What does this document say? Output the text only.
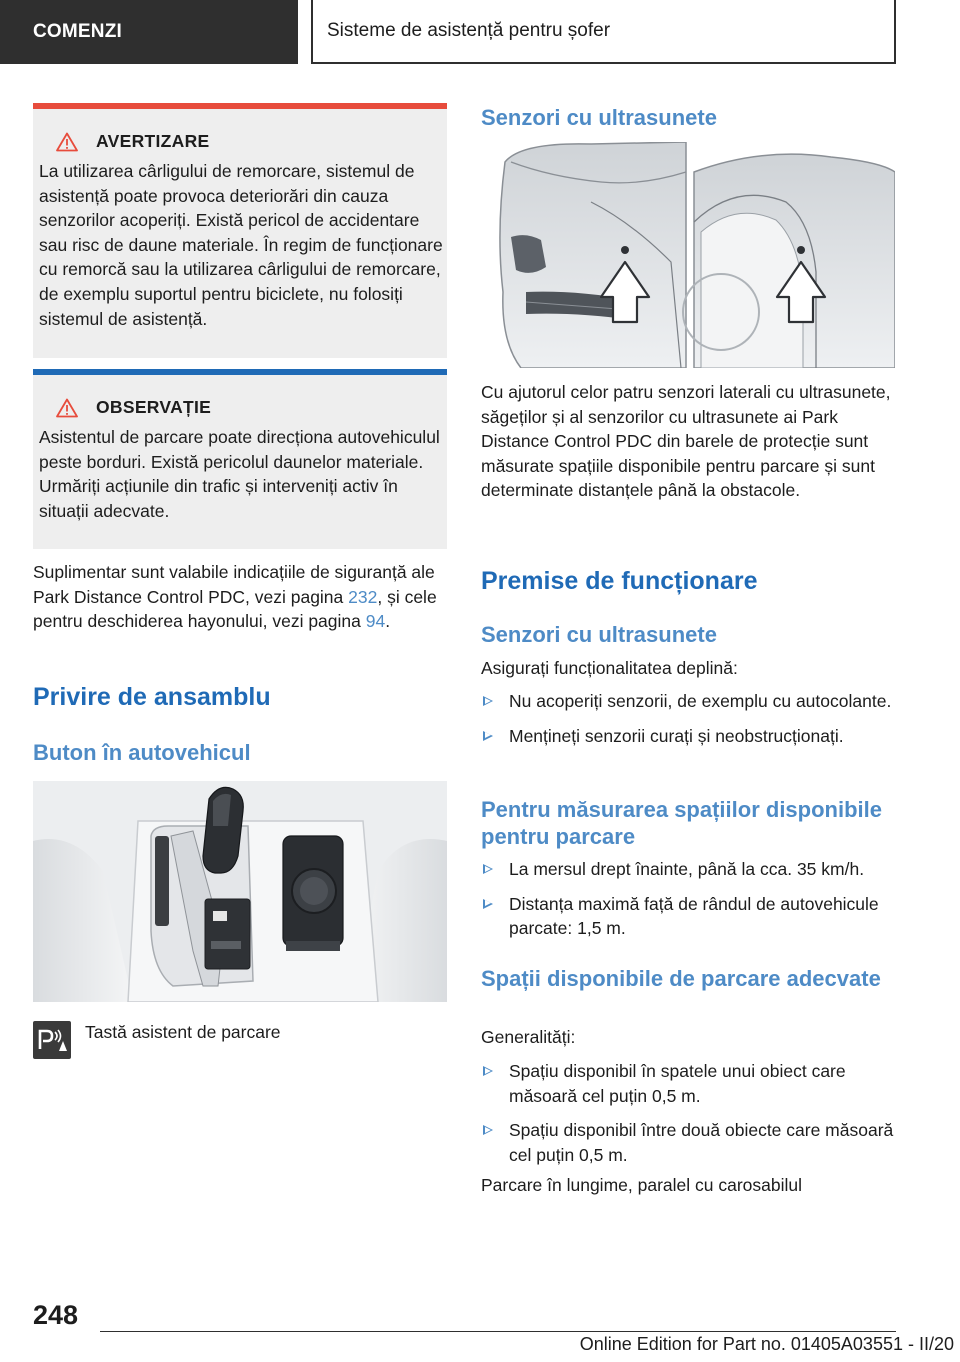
COMENZI	Sisteme de asistență pentru șofer
AVERTIZARE

La utilizarea cârligului de remorcare, sistemul de asistență poate provoca deteriorări din cauza senzorilor acoperiți. Există pericol de accidentare sau risc de daune materiale. În regim de funcționare cu remorcă sau la utilizarea cârligului de remorcare, de exemplu suportul pentru biciclete, nu folosiți sistemul de asistență.

OBSERVAȚIE

Asistentul de parcare poate direcționa autovehiculul peste borduri. Există pericolul daunelor materiale. Urmăriți acțiunile din trafic și interveniți activ în situații adecvate.

Suplimentar sunt valabile indicațiile de siguranță ale Park Distance Control PDC, vezi pagina 232, și cele pentru deschiderea hayonului, vezi pagina 94.

Privire de ansamblu
Buton în autovehicul

Tastă asistent de parcare

Senzori cu ultrasunete

Cu ajutorul celor patru senzori laterali cu ultrasunete, săgeților și al senzorilor cu ultrasunete ai Park Distance Control PDC din barele de protecție sunt măsurate spațiile disponibile pentru parcare și sunt determinate distanțele până la obstacole.

Premise de funcționare
Senzori cu ultrasunete

Asigurați funcționalitatea deplină:

Nu acoperiți senzorii, de exemplu cu autocolante.
Mențineți senzorii curați și neobstrucționați.
Pentru măsurarea spațiilor disponibile pentru parcare
La mersul drept înainte, până la cca. 35 km/h.
Distanța maximă față de rândul de autovehicule parcate: 1,5 m.
Spații disponibile de parcare adecvate

Generalități:

Spațiu disponibil în spatele unui obiect care măsoară cel puțin 0,5 m.
Spațiu disponibil între două obiecte care măsoară cel puțin 0,5 m.

Parcare în lungime, paralel cu carosabilul

248
Online Edition for Part no. 01405A03551 - II/20
